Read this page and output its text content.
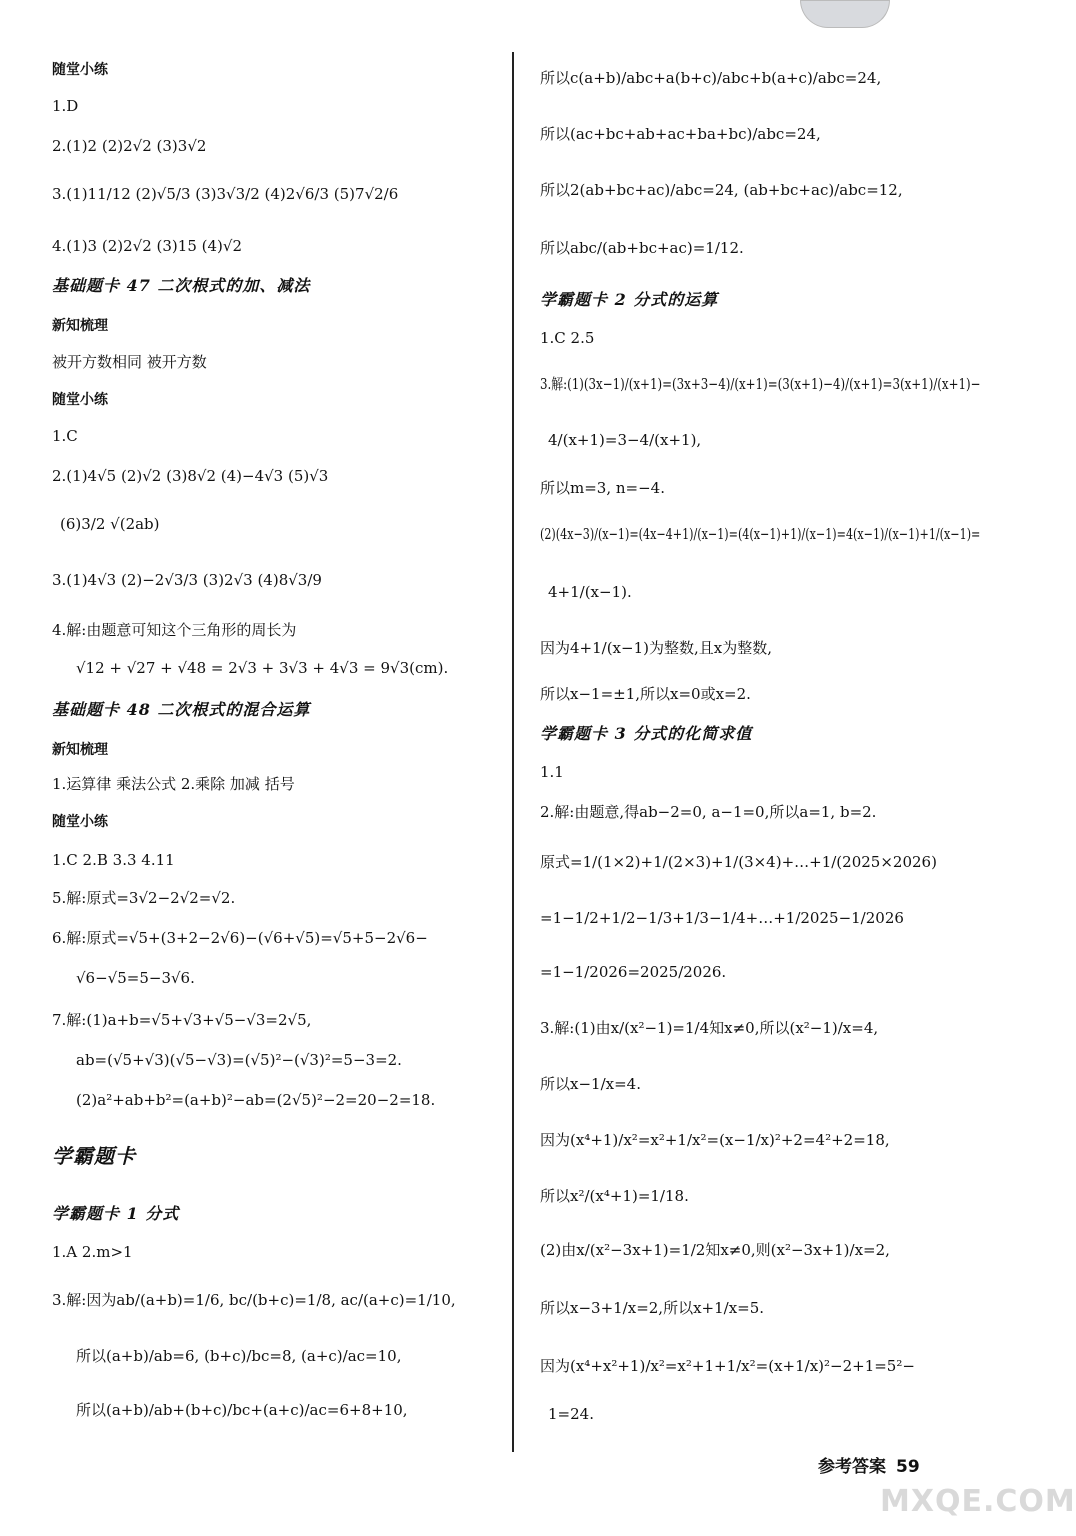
随堂小练
1.D
2.(1)2 (2)2√2 (3)3√2
3.(1)11/12 (2)√5/3 (3)3√3/2 (4)2√6/3 (5)7√2/6
4.(1)3 (2)2√2 (3)15 (4)√2
基础题卡 47 二次根式的加、减法
新知梳理
被开方数相同 被开方数
随堂小练
1.C
2.(1)4√5 (2)√2 (3)8√2 (4)−4√3 (5)√3
(6)3/2 √(2ab)
3.(1)4√3 (2)−2√3/3 (3)2√3 (4)8√3/9
4.解:由题意可知这个三角形的周长为
√12 + √27 + √48 = 2√3 + 3√3 + 4√3 = 9√3(cm).
基础题卡 48 二次根式的混合运算
新知梳理
1.运算律 乘法公式 2.乘除 加减 括号
随堂小练
1.C 2.B 3.3 4.11
5.解:原式=3√2−2√2=√2.
6.解:原式=√5+(3+2−2√6)−(√6+√5)=√5+5−2√6−
√6−√5=5−3√6.
7.解:(1)a+b=√5+√3+√5−√3=2√5,
ab=(√5+√3)(√5−√3)=(√5)²−(√3)²=5−3=2.
(2)a²+ab+b²=(a+b)²−ab=(2√5)²−2=20−2=18.
学霸题卡
学霸题卡 1 分式
1.A 2.m>1
3.解:因为ab/(a+b)=1/6, bc/(b+c)=1/8, ac/(a+c)=1/10,
所以(a+b)/ab=6, (b+c)/bc=8, (a+c)/ac=10,
所以(a+b)/ab+(b+c)/bc+(a+c)/ac=6+8+10,
所以c(a+b)/abc+a(b+c)/abc+b(a+c)/abc=24,
所以(ac+bc+ab+ac+ba+bc)/abc=24,
所以2(ab+bc+ac)/abc=24, (ab+bc+ac)/abc=12,
所以abc/(ab+bc+ac)=1/12.
学霸题卡 2 分式的运算
1.C 2.5
3.解:(1)(3x−1)/(x+1)=(3x+3−4)/(x+1)=(3(x+1)−4)/(x+1)=3(x+1)/(x+1)−
4/(x+1)=3−4/(x+1),
所以m=3, n=−4.
(2)(4x−3)/(x−1)=(4x−4+1)/(x−1)=(4(x−1)+1)/(x−1)=4(x−1)/(x−1)+1/(x−1)=
4+1/(x−1).
因为4+1/(x−1)为整数,且x为整数,
所以x−1=±1,所以x=0或x=2.
学霸题卡 3 分式的化简求值
1.1
2.解:由题意,得ab−2=0, a−1=0,所以a=1, b=2.
原式=1/(1×2)+1/(2×3)+1/(3×4)+…+1/(2025×2026)
=1−1/2+1/2−1/3+1/3−1/4+…+1/2025−1/2026
=1−1/2026=2025/2026.
3.解:(1)由x/(x²−1)=1/4知x≠0,所以(x²−1)/x=4,
所以x−1/x=4.
因为(x⁴+1)/x²=x²+1/x²=(x−1/x)²+2=4²+2=18,
所以x²/(x⁴+1)=1/18.
(2)由x/(x²−3x+1)=1/2知x≠0,则(x²−3x+1)/x=2,
所以x−3+1/x=2,所以x+1/x=5.
因为(x⁴+x²+1)/x²=x²+1+1/x²=(x+1/x)²−2+1=5²−
1=24.
参考答案 59
MXQE.COM
